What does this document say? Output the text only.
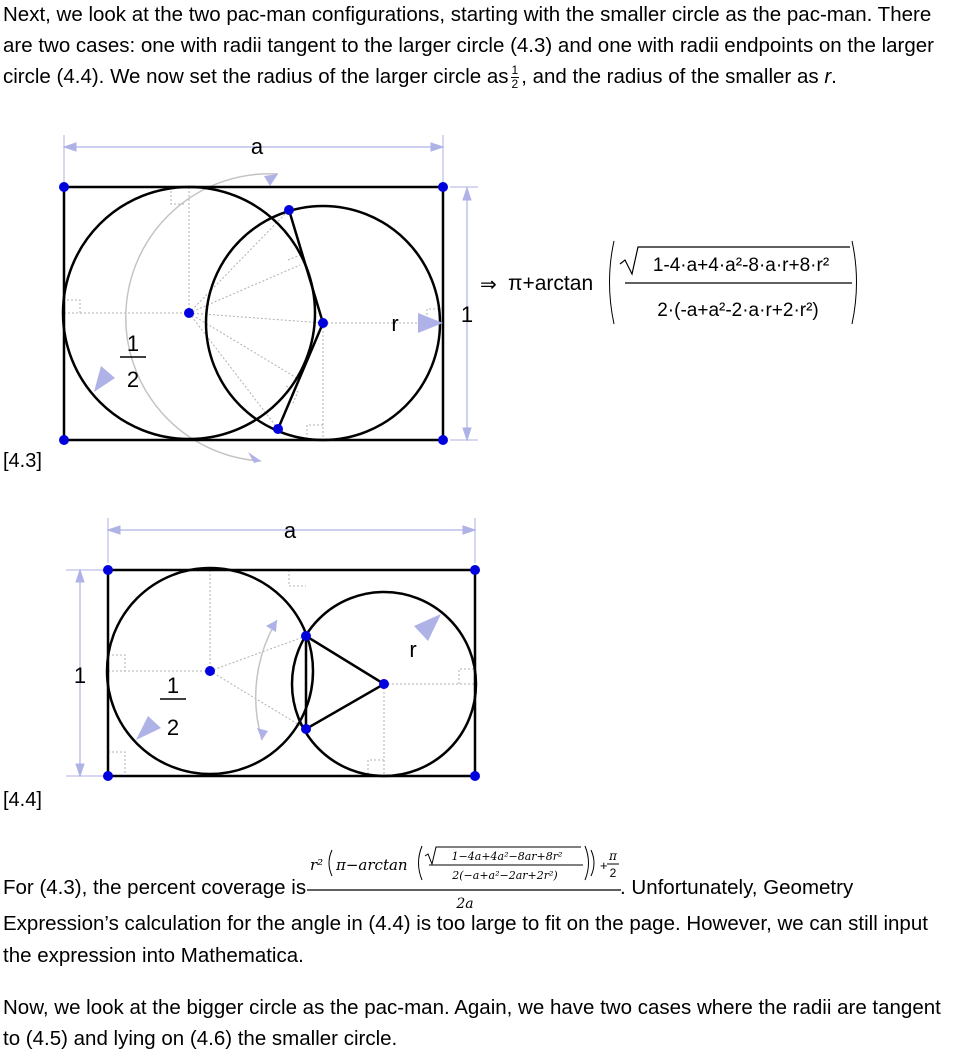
Next, we look at the two pac-man configurations, starting with the smaller circle as the pac-man. There
are two cases: one with radii tangent to the larger circle (4.3) and one with radii endpoints on the larger
circle (4.4). We now set the radius of the larger circle as $\frac{1}{2}$ , and the radius of the smaller as r.
a
1
r
1
2
⇒ π+arctan
1-4·a+4·a²-8·a·r+8·r²
2·(-a+a²-2·a·r+2·r²)
[4.3]
a
1
r
1
2
[4.4]
For (4.3), the percent coverage is
r² π−arctan	1−4a+4a²−8ar+8r²
2(−a+a²−2ar+2r²)
+
π
2
2a
. Unfortunately, Geometry
Expression’s calculation for the angle in (4.4) is too large to fit on the page. However, we can still input
the expression into Mathematica.
Now, we look at the bigger circle as the pac-man. Again, we have two cases where the radii are tangent
to (4.5) and lying on (4.6) the smaller circle.
